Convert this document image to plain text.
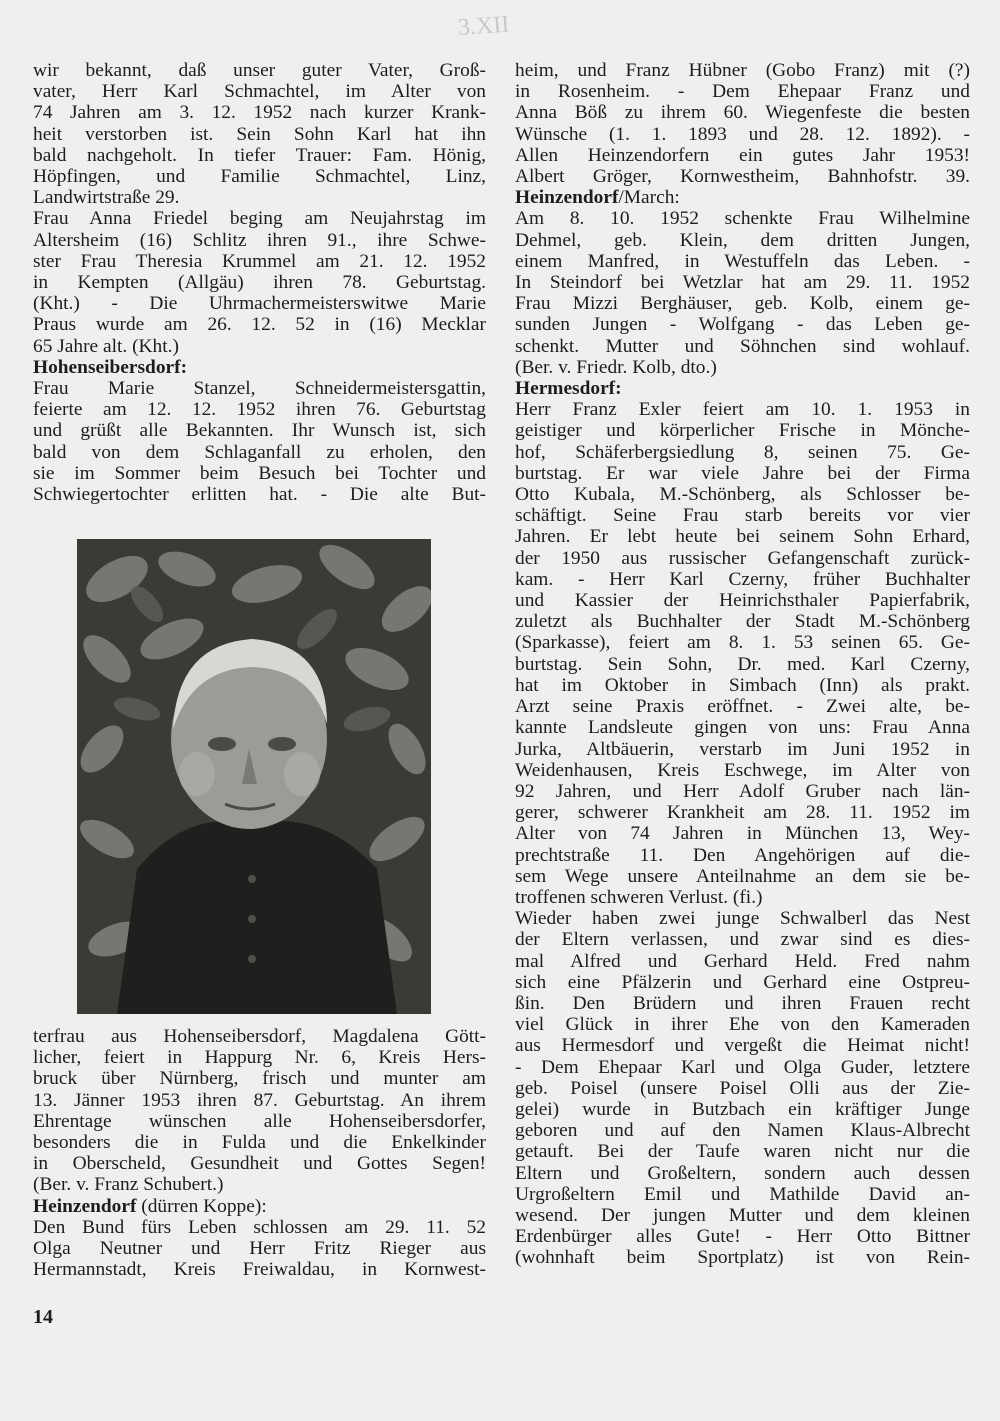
3.XII
wir bekannt, daß unser guter Vater, Groß-
vater, Herr Karl Schmachtel, im Alter von
74 Jahren am 3. 12. 1952 nach kurzer Krank-
heit verstorben ist. Sein Sohn Karl hat ihn
bald nachgeholt. In tiefer Trauer: Fam. Hönig,
Höpfingen, und Familie Schmachtel, Linz,
Landwirtstraße 29.
Frau Anna Friedel beging am Neujahrstag im
Altersheim (16) Schlitz ihren 91., ihre Schwe-
ster Frau Theresia Krummel am 21. 12. 1952
in Kempten (Allgäu) ihren 78. Geburtstag.
(Kht.) - Die Uhrmachermeisterswitwe Marie
Praus wurde am 26. 12. 52 in (16) Mecklar
65 Jahre alt. (Kht.)
Hohenseibersdorf:
Frau Marie Stanzel, Schneidermeistersgattin,
feierte am 12. 12. 1952 ihren 76. Geburtstag
und grüßt alle Bekannten. Ihr Wunsch ist, sich
bald von dem Schlaganfall zu erholen, den
sie im Sommer beim Besuch bei Tochter und
Schwiegertochter erlitten hat. - Die alte But-
terfrau aus Hohenseibersdorf, Magdalena Gött-
licher, feiert in Happurg Nr. 6, Kreis Hers-
bruck über Nürnberg, frisch und munter am
13. Jänner 1953 ihren 87. Geburtstag. An ihrem
Ehrentage wünschen alle Hohenseibersdorfer,
besonders die in Fulda und die Enkelkinder
in Oberscheld, Gesundheit und Gottes Segen!
(Ber. v. Franz Schubert.)
Heinzendorf (dürren Koppe):
Den Bund fürs Leben schlossen am 29. 11. 52
Olga Neutner und Herr Fritz Rieger aus
Hermannstadt, Kreis Freiwaldau, in Kornwest-
heim, und Franz Hübner (Gobo Franz) mit (?)
in Rosenheim. - Dem Ehepaar Franz und
Anna Böß zu ihrem 60. Wiegenfeste die besten
Wünsche (1. 1. 1893 und 28. 12. 1892). -
Allen Heinzendorfern ein gutes Jahr 1953!
Albert Gröger, Kornwestheim, Bahnhofstr. 39.
Heinzendorf/March:
Am 8. 10. 1952 schenkte Frau Wilhelmine
Dehmel, geb. Klein, dem dritten Jungen,
einem Manfred, in Westuffeln das Leben. -
In Steindorf bei Wetzlar hat am 29. 11. 1952
Frau Mizzi Berghäuser, geb. Kolb, einem ge-
sunden Jungen - Wolfgang - das Leben ge-
schenkt. Mutter und Söhnchen sind wohlauf.
(Ber. v. Friedr. Kolb, dto.)
Hermesdorf:
Herr Franz Exler feiert am 10. 1. 1953 in
geistiger und körperlicher Frische in Mönche-
hof, Schäferbergsiedlung 8, seinen 75. Ge-
burtstag. Er war viele Jahre bei der Firma
Otto Kubala, M.-Schönberg, als Schlosser be-
schäftigt. Seine Frau starb bereits vor vier
Jahren. Er lebt heute bei seinem Sohn Erhard,
der 1950 aus russischer Gefangenschaft zurück-
kam. - Herr Karl Czerny, früher Buchhalter
und Kassier der Heinrichsthaler Papierfabrik,
zuletzt als Buchhalter der Stadt M.-Schönberg
(Sparkasse), feiert am 8. 1. 53 seinen 65. Ge-
burtstag. Sein Sohn, Dr. med. Karl Czerny,
hat im Oktober in Simbach (Inn) als prakt.
Arzt seine Praxis eröffnet. - Zwei alte, be-
kannte Landsleute gingen von uns: Frau Anna
Jurka, Altbäuerin, verstarb im Juni 1952 in
Weidenhausen, Kreis Eschwege, im Alter von
92 Jahren, und Herr Adolf Gruber nach län-
gerer, schwerer Krankheit am 28. 11. 1952 im
Alter von 74 Jahren in München 13, Wey-
prechtstraße 11. Den Angehörigen auf die-
sem Wege unsere Anteilnahme an dem sie be-
troffenen schweren Verlust. (fi.)
Wieder haben zwei junge Schwalberl das Nest
der Eltern verlassen, und zwar sind es dies-
mal Alfred und Gerhard Held. Fred nahm
sich eine Pfälzerin und Gerhard eine Ostpreu-
ßin. Den Brüdern und ihren Frauen recht
viel Glück in ihrer Ehe von den Kameraden
aus Hermesdorf und vergeßt die Heimat nicht!
- Dem Ehepaar Karl und Olga Guder, letztere
geb. Poisel (unsere Poisel Olli aus der Zie-
gelei) wurde in Butzbach ein kräftiger Junge
geboren und auf den Namen Klaus-Albrecht
getauft. Bei der Taufe waren nicht nur die
Eltern und Großeltern, sondern auch dessen
Urgroßeltern Emil und Mathilde David an-
wesend. Der jungen Mutter und dem kleinen
Erdenbürger alles Gute! - Herr Otto Bittner
(wohnhaft beim Sportplatz) ist von Rein-
14
